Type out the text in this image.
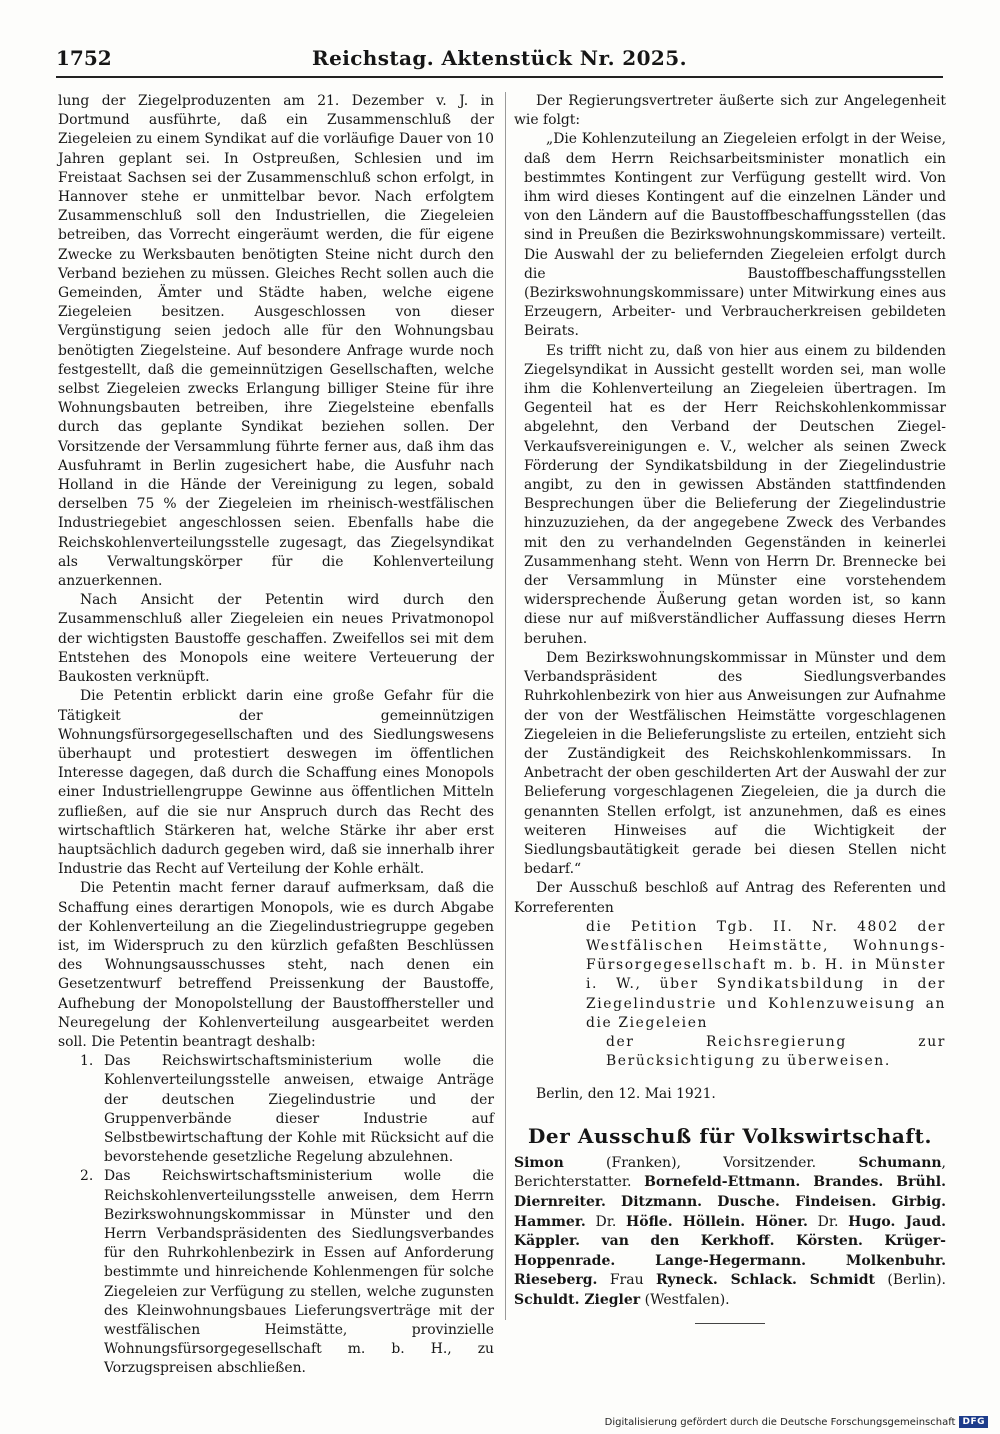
1752	Reichstag. Aktenstück Nr. 2025.

lung der Ziegelproduzenten am 21. Dezember v. J. in Dortmund ausführte, daß ein Zusammenschluß der Ziegeleien zu einem Syndikat auf die vorläufige Dauer von 10 Jahren geplant sei. In Ostpreußen, Schlesien und im Freistaat Sachsen sei der Zusammenschluß schon erfolgt, in Hannover stehe er unmittelbar bevor. Nach erfolgtem Zusammenschluß soll den Industriellen, die Ziegeleien betreiben, das Vorrecht eingeräumt werden, die für eigene Zwecke zu Werksbauten benötigten Steine nicht durch den Verband beziehen zu müssen. Gleiches Recht sollen auch die Gemeinden, Ämter und Städte haben, welche eigene Ziegeleien besitzen. Ausgeschlossen von dieser Vergünstigung seien jedoch alle für den Wohnungsbau benötigten Ziegelsteine. Auf besondere Anfrage wurde noch festgestellt, daß die gemeinnützigen Gesellschaften, welche selbst Ziegeleien zwecks Erlangung billiger Steine für ihre Wohnungsbauten betreiben, ihre Ziegelsteine ebenfalls durch das geplante Syndikat beziehen sollen. Der Vorsitzende der Versammlung führte ferner aus, daß ihm das Ausfuhramt in Berlin zugesichert habe, die Ausfuhr nach Holland in die Hände der Vereinigung zu legen, sobald derselben 75 % der Ziegeleien im rheinisch-westfälischen Industriegebiet angeschlossen seien. Ebenfalls habe die Reichskohlenverteilungsstelle zugesagt, das Ziegelsyndikat als Verwaltungskörper für die Kohlenverteilung anzuerkennen.

Nach Ansicht der Petentin wird durch den Zusammenschluß aller Ziegeleien ein neues Privatmonopol der wichtigsten Baustoffe geschaffen. Zweifellos sei mit dem Entstehen des Monopols eine weitere Verteuerung der Baukosten verknüpft.

Die Petentin erblickt darin eine große Gefahr für die Tätigkeit der gemeinnützigen Wohnungsfürsorgegesellschaften und des Siedlungswesens überhaupt und protestiert deswegen im öffentlichen Interesse dagegen, daß durch die Schaffung eines Monopols einer Industriellengruppe Gewinne aus öffentlichen Mitteln zufließen, auf die sie nur Anspruch durch das Recht des wirtschaftlich Stärkeren hat, welche Stärke ihr aber erst hauptsächlich dadurch gegeben wird, daß sie innerhalb ihrer Industrie das Recht auf Verteilung der Kohle erhält.

Die Petentin macht ferner darauf aufmerksam, daß die Schaffung eines derartigen Monopols, wie es durch Abgabe der Kohlenverteilung an die Ziegelindustriegruppe gegeben ist, im Widerspruch zu den kürzlich gefaßten Beschlüssen des Wohnungsausschusses steht, nach denen ein Gesetzentwurf betreffend Preissenkung der Baustoffe, Aufhebung der Monopolstellung der Baustoffhersteller und Neuregelung der Kohlenverteilung ausgearbeitet werden soll. Die Petentin beantragt deshalb:

1. Das Reichswirtschaftsministerium wolle die Kohlenverteilungsstelle anweisen, etwaige Anträge der deutschen Ziegelindustrie und der Gruppenverbände dieser Industrie auf Selbstbewirtschaftung der Kohle mit Rücksicht auf die bevorstehende gesetzliche Regelung abzulehnen.
2. Das Reichswirtschaftsministerium wolle die Reichskohlenverteilungsstelle anweisen, dem Herrn Bezirkswohnungskommissar in Münster und den Herrn Verbandspräsidenten des Siedlungsverbandes für den Ruhrkohlenbezirk in Essen auf Anforderung bestimmte und hinreichende Kohlenmengen für solche Ziegeleien zur Verfügung zu stellen, welche zugunsten des Kleinwohnungsbaues Lieferungsverträge mit der westfälischen Heimstätte, provinzielle Wohnungsfürsorgegesellschaft m. b. H., zu Vorzugspreisen abschließen.

Der Regierungsvertreter äußerte sich zur Angelegenheit wie folgt:

„Die Kohlenzuteilung an Ziegeleien erfolgt in der Weise, daß dem Herrn Reichsarbeitsminister monatlich ein bestimmtes Kontingent zur Verfügung gestellt wird. Von ihm wird dieses Kontingent auf die einzelnen Länder und von den Ländern auf die Baustoffbeschaffungsstellen (das sind in Preußen die Bezirkswohnungskommissare) verteilt. Die Auswahl der zu beliefernden Ziegeleien erfolgt durch die Baustoffbeschaffungsstellen (Bezirkswohnungskommissare) unter Mitwirkung eines aus Erzeugern, Arbeiter- und Verbraucherkreisen gebildeten Beirats.

Es trifft nicht zu, daß von hier aus einem zu bildenden Ziegelsyndikat in Aussicht gestellt worden sei, man wolle ihm die Kohlenverteilung an Ziegeleien übertragen. Im Gegenteil hat es der Herr Reichskohlenkommissar abgelehnt, den Verband der Deutschen Ziegel-Verkaufsvereinigungen e. V., welcher als seinen Zweck Förderung der Syndikatsbildung in der Ziegelindustrie angibt, zu den in gewissen Abständen stattfindenden Besprechungen über die Belieferung der Ziegelindustrie hinzuzuziehen, da der angegebene Zweck des Verbandes mit den zu verhandelnden Gegenständen in keinerlei Zusammenhang steht. Wenn von Herrn Dr. Brennecke bei der Versammlung in Münster eine vorstehendem widersprechende Äußerung getan worden ist, so kann diese nur auf mißverständlicher Auffassung dieses Herrn beruhen.

Dem Bezirkswohnungskommissar in Münster und dem Verbandspräsident des Siedlungsverbandes Ruhrkohlenbezirk von hier aus Anweisungen zur Aufnahme der von der Westfälischen Heimstätte vorgeschlagenen Ziegeleien in die Belieferungsliste zu erteilen, entzieht sich der Zuständigkeit des Reichskohlenkommissars. In Anbetracht der oben geschilderten Art der Auswahl der zur Belieferung vorgeschlagenen Ziegeleien, die ja durch die genannten Stellen erfolgt, ist anzunehmen, daß es eines weiteren Hinweises auf die Wichtigkeit der Siedlungsbautätigkeit gerade bei diesen Stellen nicht bedarf.“

Der Ausschuß beschloß auf Antrag des Referenten und Korreferenten

die Petition Tgb. II. Nr. 4802 der Westfälischen Heimstätte, Wohnungs-Fürsorgegesellschaft m. b. H. in Münster i. W., über Syndikatsbildung in der Ziegelindustrie und Kohlenzuweisung an die Ziegeleien

der Reichsregierung zur Berücksichtigung zu überweisen.

Berlin, den 12. Mai 1921.

Der Ausschuß für Volkswirtschaft.

Simon (Franken), Vorsitzender. Schumann, Berichterstatter. Bornefeld-Ettmann. Brandes. Brühl. Diernreiter. Ditzmann. Dusche. Findeisen. Girbig. Hammer. Dr. Höfle. Höllein. Höner. Dr. Hugo. Jaud. Käppler. van den Kerkhoff. Körsten. Krüger-Hoppenrade. Lange-Hegermann. Molkenbuhr. Rieseberg. Frau Ryneck. Schlack. Schmidt (Berlin). Schuldt. Ziegler (Westfalen).

Digitalisierung gefördert durch die Deutsche Forschungsgemeinschaft DFG
